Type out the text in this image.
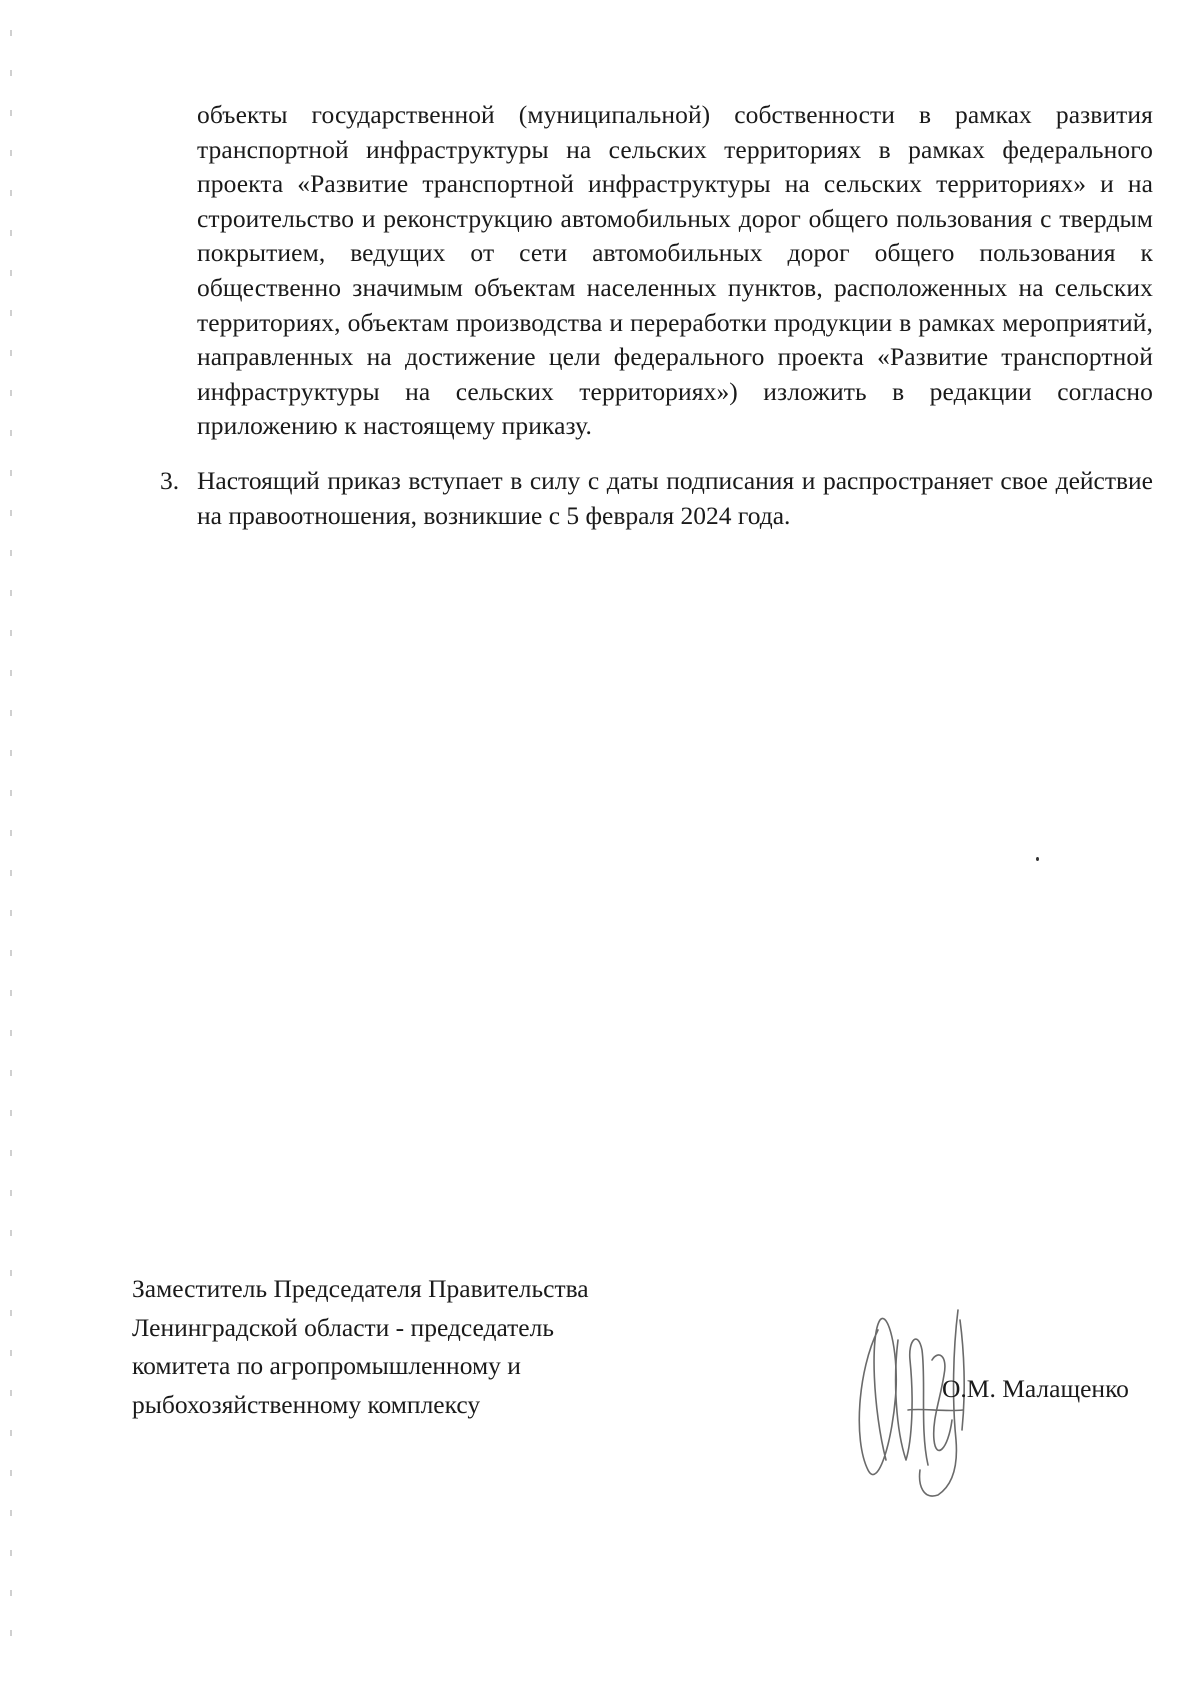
объекты государственной (муниципальной) собственности в рамках развития транспортной инфраструктуры на сельских территориях в рамках федерального проекта «Развитие транспортной инфраструктуры на сельских территориях» и на строительство и реконструкцию автомобильных дорог общего пользования с твердым покрытием, ведущих от сети автомобильных дорог общего пользования к общественно значимым объектам населенных пунктов, расположенных на сельских территориях, объектам производства и переработки продукции в рамках мероприятий, направленных на достижение цели федерального проекта «Развитие транспортной инфраструктуры на сельских территориях») изложить в редакции согласно приложению к настоящему приказу.

3. Настоящий приказ вступает в силу с даты подписания и распространяет свое действие на правоотношения, возникшие с 5 февраля 2024 года.
Заместитель Председателя Правительства
Ленинградской области - председатель
комитета по агропромышленному и
рыбохозяйственному комплексу
О.М. Малащенко
